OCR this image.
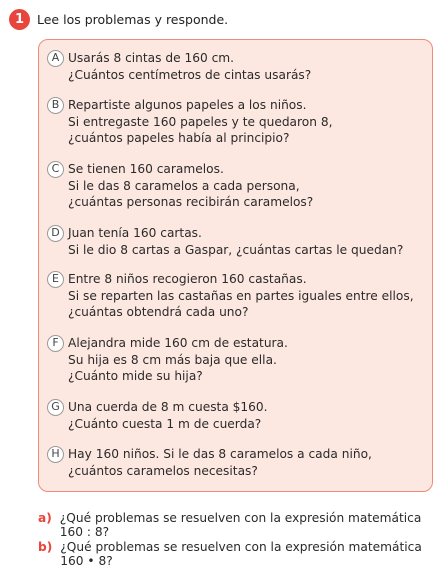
1	Lee los problemas y responde.
A Usarás 8 cintas de 160 cm.
¿Cuántos centímetros de cintas usarás?
B Repartiste algunos papeles a los niños.
Si entregaste 160 papeles y te quedaron 8,
¿cuántos papeles había al principio?
C Se tienen 160 caramelos.
Si le das 8 caramelos a cada persona,
¿cuántas personas recibirán caramelos?
D Juan tenía 160 cartas.
Si le dio 8 cartas a Gaspar, ¿cuántas cartas le quedan?
E Entre 8 niños recogieron 160 castañas.
Si se reparten las castañas en partes iguales entre ellos,
¿cuántas obtendrá cada uno?
F Alejandra mide 160 cm de estatura.
Su hija es 8 cm más baja que ella.
¿Cuánto mide su hija?
G Una cuerda de 8 m cuesta $160.
¿Cuánto cuesta 1 m de cuerda?
H Hay 160 niños. Si le das 8 caramelos a cada niño,
¿cuántos caramelos necesitas?
a) ¿Qué problemas se resuelven con la expresión matemática 160 : 8?
b) ¿Qué problemas se resuelven con la expresión matemática 160 • 8?
